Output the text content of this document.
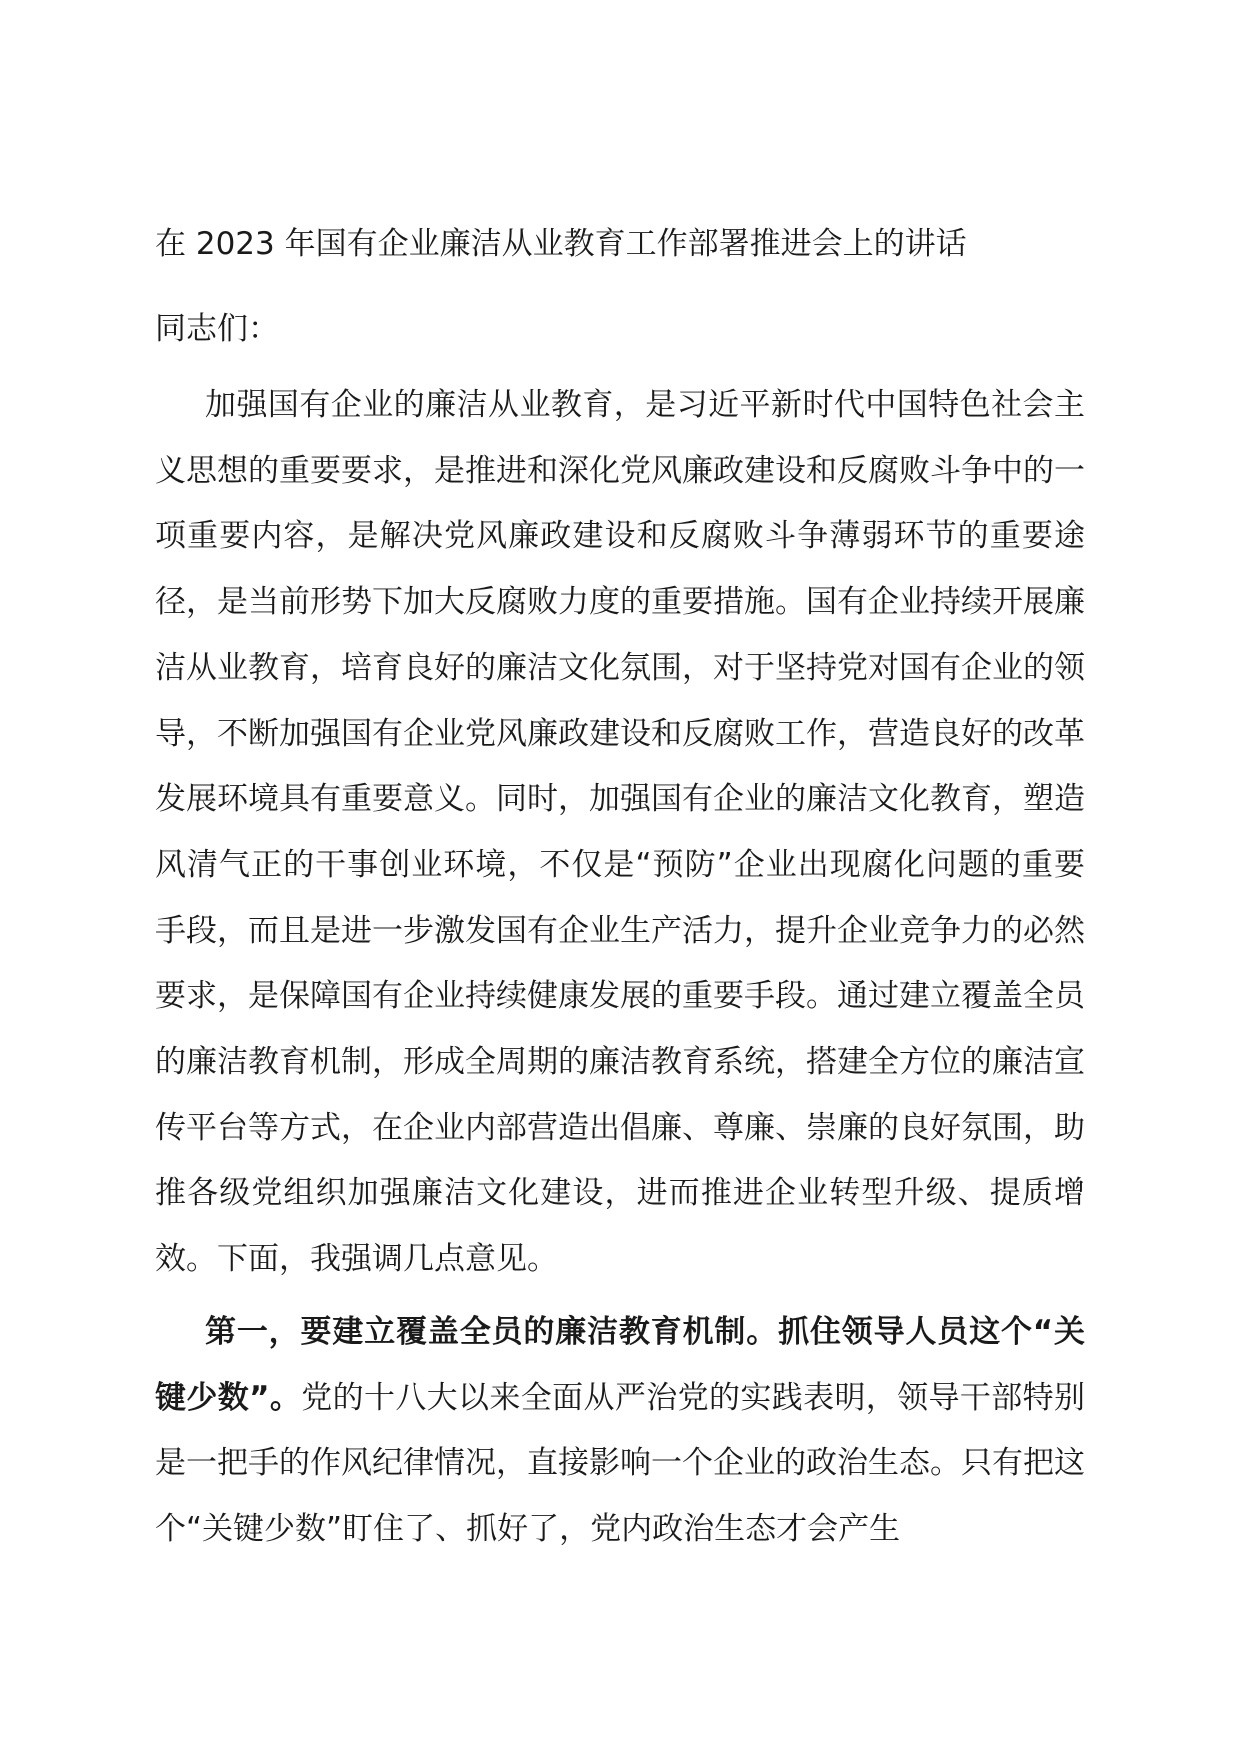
在 2023 年国有企业廉洁从业教育工作部署推进会上的讲话

同志们：

加强国有企业的廉洁从业教育，是习近平新时代中国特色社会主义思想的重要要求，是推进和深化党风廉政建设和反腐败斗争中的一项重要内容，是解决党风廉政建设和反腐败斗争薄弱环节的重要途径，是当前形势下加大反腐败力度的重要措施。国有企业持续开展廉洁从业教育，培育良好的廉洁文化氛围，对于坚持党对国有企业的领导，不断加强国有企业党风廉政建设和反腐败工作，营造良好的改革发展环境具有重要意义。同时，加强国有企业的廉洁文化教育，塑造风清气正的干事创业环境，不仅是“预防”企业出现腐化问题的重要手段，而且是进一步激发国有企业生产活力，提升企业竞争力的必然要求，是保障国有企业持续健康发展的重要手段。通过建立覆盖全员的廉洁教育机制，形成全周期的廉洁教育系统，搭建全方位的廉洁宣传平台等方式，在企业内部营造出倡廉、尊廉、崇廉的良好氛围，助推各级党组织加强廉洁文化建设，进而推进企业转型升级、提质增效。下面，我强调几点意见。

第一，要建立覆盖全员的廉洁教育机制。抓住领导人员这个“关键少数”。党的十八大以来全面从严治党的实践表明，领导干部特别是一把手的作风纪律情况，直接影响一个企业的政治生态。只有把这个“关键少数”盯住了、抓好了，党内政治生态才会产生
